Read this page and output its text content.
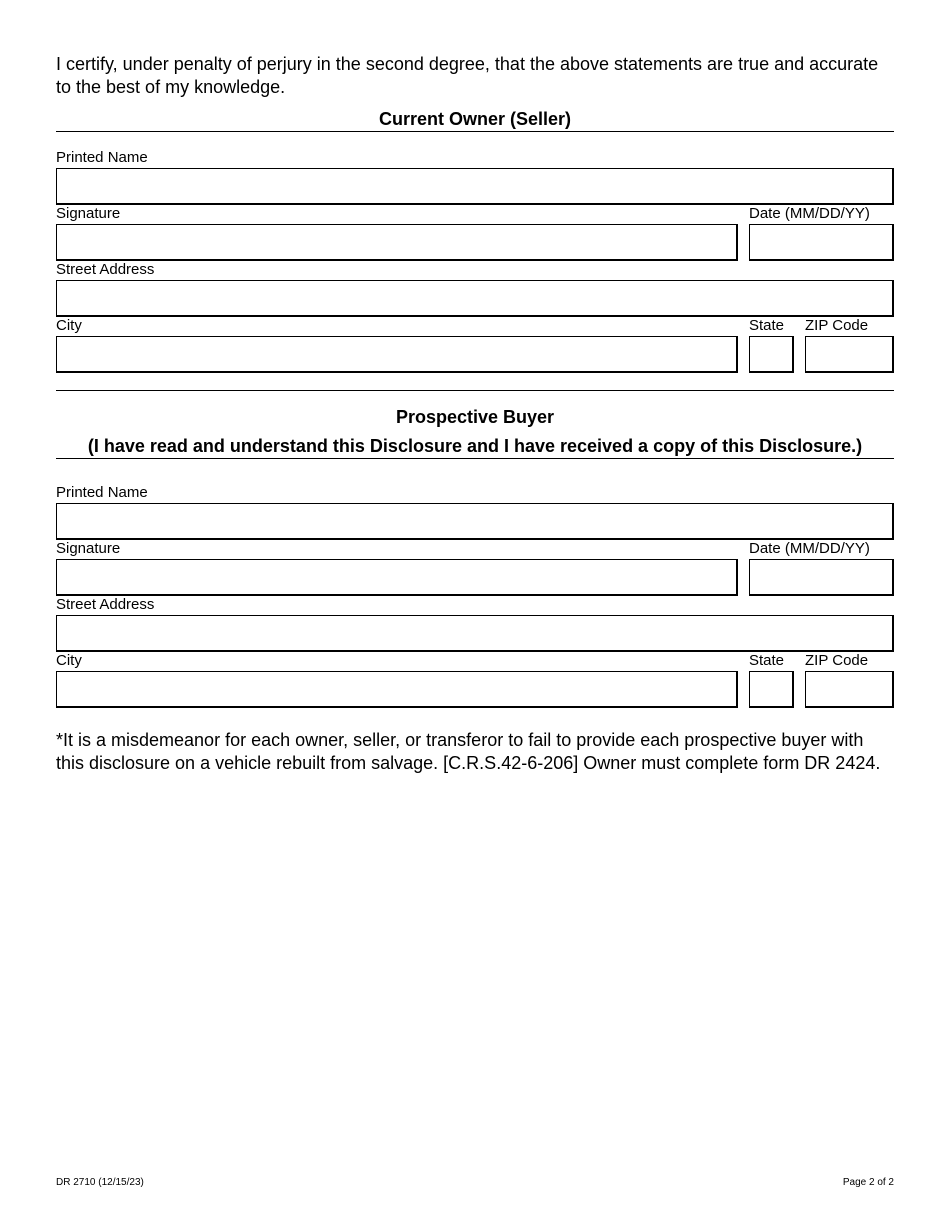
I certify, under penalty of perjury in the second degree, that the above statements are true and accurate to the best of my knowledge.
Current Owner (Seller)
Printed Name
Signature	Date (MM/DD/YY)
Street Address
City	State ZIP Code
Prospective Buyer
(I have read and understand this Disclosure and I have received a copy of this Disclosure.)
Printed Name
Signature	Date (MM/DD/YY)
Street Address
City	State ZIP Code
*It is a misdemeanor for each owner, seller, or transferor to fail to provide each prospective buyer with this disclosure on a vehicle rebuilt from salvage. [C.R.S.42-6-206] Owner must complete form DR 2424.
DR 2710 (12/15/23)	Page 2 of 2
